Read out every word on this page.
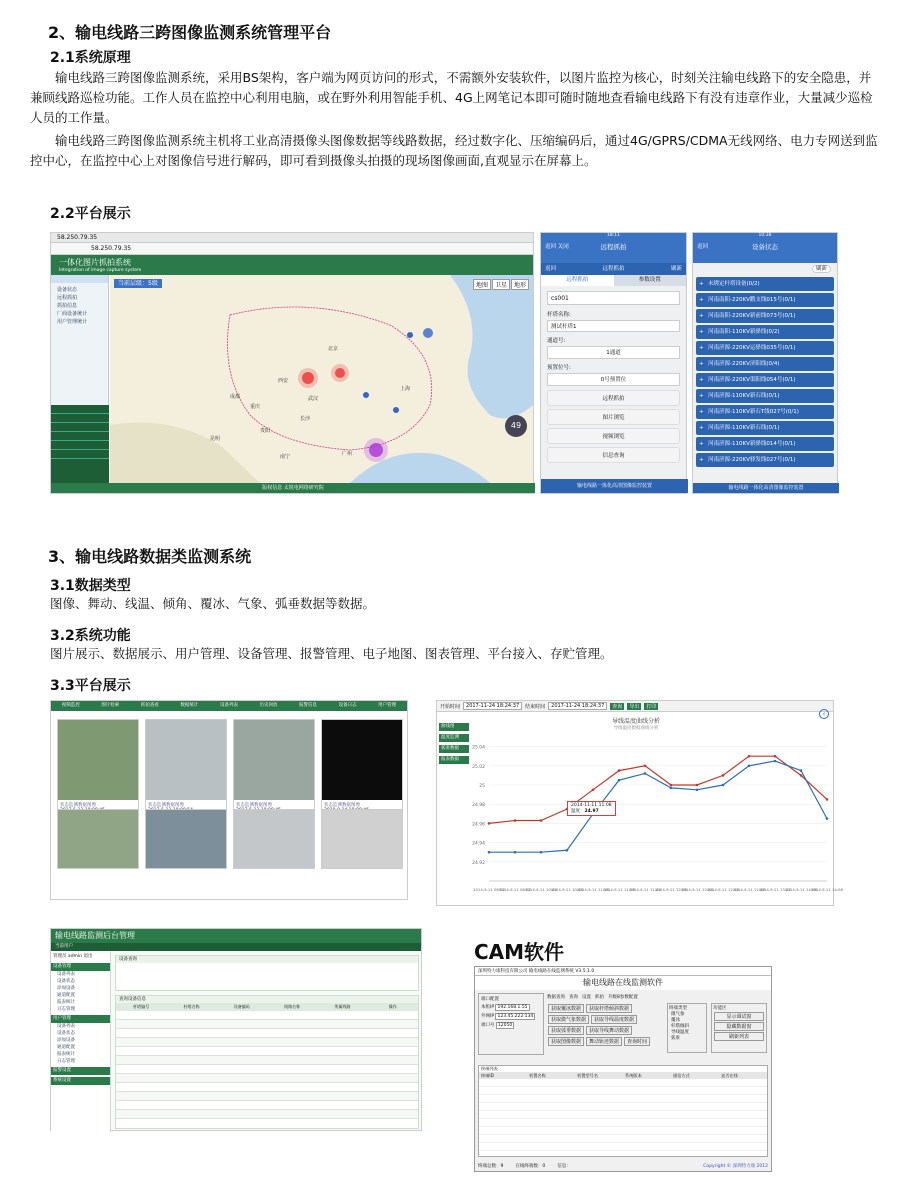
2、输电线路三跨图像监测系统管理平台
2.1系统原理
输电线路三跨图像监测系统，采用BS架构，客户端为网页访问的形式，不需额外安装软件，以图片监控为核心，时刻关注输电线路下的安全隐患，并兼顾线路巡检功能。工作人员在监控中心利用电脑，或在野外利用智能手机、4G上网笔记本即可随时随地查看输电线路下有没有违章作业，大量减少巡检人员的工作量。
输电线路三跨图像监测系统主机将工业高清摄像头图像数据等线路数据，经过数字化、压缩编码后，通过4G/GPRS/CDMA无线网络、电力专网送到监控中心，在监控中心上对图像信号进行解码，即可看到摄像头拍摄的现场图像画面,直观显示在屏幕上。
2.2平台展示
58.250.79.35
58.250.79.35
一体化图片抓拍系统
Integration of image capture system
设备状态
远程抓拍
抓拍信息
厂商设备统计
用户管理统计
北京
西安
成都
重庆
武汉
长沙
广州
昆明
贵阳
南宁
上海
当前层级：5级	地图	卫星	地形
49
版权信息 太锐电网络研究院
18:11
返回 关闭	远程抓拍
返回	远程抓拍	刷新
远程抓拍	参数设置
cs001
杆塔名称:
测试杆塔1
通道号:
1通道
预置位号:
0号预置位
远程抓拍
图片浏览
视频浏览
信息查询
输电线路一体化高清图像监控装置
10:36
返回	设备状态
刷新
+ 未绑定杆塔设备(0/2)
+ 河南南阳-220KV鹳支线015号(0/1)
+ 河南南阳-220KV新前线073号(0/1)
+ 河南南阳-110KV新驿线(0/2)
+ 河南济源-220KV运驿线035号(0/1)
+ 河南济源-220KV济阳线(0/4)
+ 河南济源-220KV渠阳线054号(0/1)
+ 河南济源-110KV新石线(0/1)
+ 河南济源-110KV新石T线027号(0/1)
+ 河南济源-110KV新石线(0/1)
+ 河南济源-110KV新驿线014号(0/1)
+ 河南济源-220KV驿发线027号(0/1)
输电线路一体化高清图像监控装置
3、输电线路数据类监测系统
3.1数据类型
图像、舞动、线温、倾角、覆冰、气象、弧垂数据等数据。
3.2系统功能
图片展示、数据展示、用户管理、设备管理、报警管理、电子地图、图表管理、平台接入、存贮管理。
3.3平台展示
视频监控	图片检索	抓拍查看	数据统计	设备列表	历史回放	报警信息	设备日志	用户管理
状态监测数据图像	状态监测数据图像	状态监测数据图像	状态监测数据图像
开始时间	2017-11-24 18:24:37	结束时间	2017-11-24 18:24:37	查询	导出	打印
曲线图
温度监测
弧垂数据
报表数据
导线温度曲线分析
导线温度数据曲线分析
‹
24.92
24.94
24.96
24.98
25
25.02
25.04
2014-9-11 08:02
2014-9-11 08:02
2014-9-11 10:44
2014-9-11 10:44
2014-9-11 11:18
2014-9-11 11:26
2014-9-11 11:44
2014-9-11 12:06
2014-9-11 12:44
2014-9-11 12:44
2014-9-11 12:48
2014-9-11 13:22
2014-9-11 14:06
2014-9-11 14:06
2014-11-11 11:08
温度：24.97
输电线路监测后台管理
当前用户
管理员 admin 退出
设备管理
设备列表
设备状态
添加设备
通道配置
报表统计
日志管理
用户管理
设备列表
设备状态
添加设备
通道配置
报表统计
日志管理
报警设置
系统设置
设备查询
查询设备信息
杆塔编号	杆塔名称	设备编码	线路名称	所属线路	操作
CAM软件
深圳特力康科技有限公司 输电线路在线监测系统 V3.5.1.0
输电线路在线监测软件
端口配置
本机IP 192.168.1.55
外网IP 123.45.222.134
端口号 12050
数据查询 查询 设置 抓拍 升级8参数配置
获取覆冰数据 获取杆塔倾斜数据获取微气象数据 获取导线温度数据获取弧垂数据 获取导线舞动数据获取图像数据 舞动轨迹数据 查询时间
终端类型
微气象
覆冰
杆塔倾斜
导线温度
弧垂
功能区
显示调试窗
隐藏数据窗
刷新列表
终端列表
终端ID	装置名称	装置型号名	系统版本	通信方式	是否在线
终端总数：9	在线终端数：0	信息：	Copyright © 深圳特力康 2012
